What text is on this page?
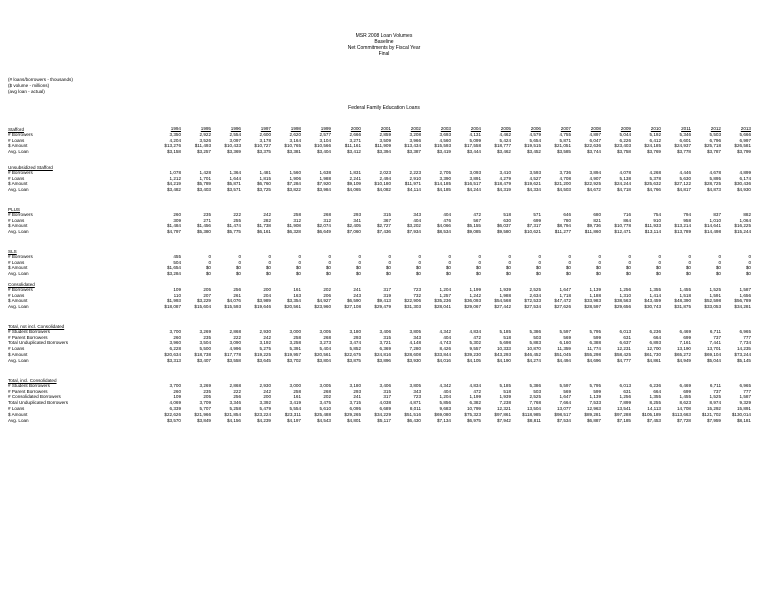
MSR 2008 Loan Volumes
Baseline
Net Commitments by Fiscal Year
Final
(# loans/borrowers - thousands)
($ volume - millions)
(avg loan - actual)
Federal Family Education Loans
Stafford	1994	1995	1996	1997	1998	1999	2000	2001	2002	2003	2004	2005	2006	2007	2008	2009	2010	2011	2012	2013
# Borrowers	3,350	2,922	2,554	2,600	2,620	2,577	2,666	2,859	3,208	3,693	4,131	4,462	4,579	4,755	4,897	5,044	5,192	5,346	5,503	5,666
# Loans	4,204	3,526	3,097	3,178	3,164	3,104	3,271	3,509	3,966	4,560	5,099	5,424	5,654	5,871	6,047	6,226	6,412	6,601	6,796	6,997
$ Amount	$13,276	$11,493	$10,433	$10,727	$10,765	$10,566	$11,161	$11,909	$13,434	$15,593	$17,558	$18,777	$19,515	$21,051	$22,636	$23,403	$24,185	$24,937	$25,718	$26,581
Avg. Loan	$3,158	$3,257	$3,369	$3,375	$3,381	$3,404	$3,412	$3,394	$3,387	$3,419	$3,444	$3,462	$3,452	$3,585	$3,744	$3,758	$3,769	$3,778	$3,787	$3,799
Unsubsidized Stafford
# Borrowers	1,078	1,428	1,364	1,481	1,560	1,638	1,831	2,023	2,223	2,705	3,093	3,410	3,593	3,736	3,894	4,078	4,268	4,446	4,678	4,899
# Loans	1,212	1,701	1,644	1,815	1,906	1,988	2,241	2,494	2,910	3,390	3,891	4,279	4,527	4,708	4,907	5,138	5,378	5,630	5,895	6,174
$ Amount	$4,219	$5,789	$5,871	$6,760	$7,284	$7,920	$9,109	$10,180	$11,971	$14,185	$16,517	$18,479	$19,621	$21,200	$22,925	$24,244	$25,632	$27,122	$28,725	$30,436
Avg. Loan	$3,482	$3,403	$3,571	$3,725	$3,822	$3,984	$4,065	$4,082	$4,114	$4,185	$4,244	$4,319	$4,334	$4,503	$4,672	$4,718	$4,766	$4,817	$4,873	$4,930
PLUS
# Borrowers	260	235	222	242	258	268	293	315	343	404	472	518	571	646	680	716	754	794	837	882
# Loans	309	271	255	282	312	312	341	367	404	476	567	630	699	780	821	864	910	958	1,010	1,064
$ Amount	$1,484	$1,456	$1,474	$1,738	$1,908	$2,074	$2,405	$2,727	$3,202	$4,066	$5,155	$6,037	$7,317	$8,794	$9,736	$10,778	$11,933	$13,214	$14,641	$16,225
Avg. Loan	$4,797	$5,380	$5,775	$6,161	$6,328	$6,649	$7,060	$7,436	$7,934	$8,534	$9,085	$9,580	$10,621	$11,277	$11,860	$12,471	$13,114	$13,789	$14,498	$15,244
SLS
# Borrowers	455	0	0	0	0	0	0	0	0	0	0	0	0	0	0	0	0	0	0	0
# Loans	504	0	0	0	0	0	0	0	0	0	0	0	0	0	0	0	0	0	0	0
$ Amount	$1,654	$0	$0	$0	$0	$0	$0	$0	$0	$0	$0	$0	$0	$0	$0	$0	$0	$0	$0	$0
Avg. Loan	$3,284	$0	$0	$0	$0	$0	$0	$0	$0	$0	$0	$0	$0	$0	$0	$0	$0	$0	$0	$0
Consolidated
# Borrowers	109	205	256	200	161	202	241	317	723	1,204	1,199	1,939	2,525	1,647	1,139	1,256	1,355	1,455	1,525	1,587
# Loans	110	207	261	204	163	206	243	319	732	1,257	1,242	1,988	2,634	1,718	1,188	1,310	1,414	1,518	1,591	1,656
$ Amount	$1,993	$3,229	$4,076	$3,989	$3,354	$4,927	$6,590	$9,413	$22,906	$35,236	$36,093	$54,568	$72,533	$47,472	$33,983	$38,563	$43,459	$48,390	$52,598	$56,789
Avg. Loan	$18,087	$15,604	$15,593	$19,646	$20,561	$23,960	$27,108	$29,479	$31,303	$28,041	$29,067	$27,442	$27,534	$27,626	$28,597	$29,656	$30,743	$31,875	$33,053	$34,281
Total, not incl. Consolidated
# Student Borrowers	3,700	3,269	2,868	2,930	3,000	3,005	3,180	3,406	3,805	4,342	4,834	5,185	5,386	5,597	5,795	6,013	6,236	6,469	6,711	6,965
# Parent Borrowers	260	235	222	242	258	268	293	315	343	404	472	518	503	569	599	631	664	699	737	777
Total Unduplicated Borrowers	3,960	3,504	3,090	3,192	3,258	3,273	3,474	3,721	4,148	4,743	5,302	5,698	5,883	6,160	6,388	6,637	6,893	7,161	7,441	7,734
# Loans	6,228	5,500	4,996	5,275	5,391	5,404	5,852	6,369	7,280	8,426	9,557	10,333	10,870	11,359	11,774	12,231	12,700	13,190	13,701	14,235
$ Amount	$20,634	$18,738	$17,778	$19,225	$19,957	$20,561	$22,675	$24,816	$28,608	$33,844	$39,230	$43,293	$46,452	$51,045	$55,298	$58,425	$61,730	$65,272	$69,104	$73,244
Avg. Loan	$3,313	$3,407	$3,558	$3,645	$3,702	$3,804	$3,875	$3,896	$3,930	$4,016	$4,105	$4,190	$4,274	$4,494	$4,696	$4,777	$4,861	$4,949	$5,044	$5,145
Total, incl. Consolidated
# Student Borrowers	3,700	3,269	2,868	2,930	3,000	3,005	3,180	3,406	3,805	4,342	4,834	5,185	5,386	5,597	5,795	6,013	6,236	6,469	6,711	6,965
# Parent Borrowers	260	235	222	242	258	268	293	315	343	404	472	518	503	569	599	631	664	699	737	777
# Consolidated Borrowers	109	205	256	200	161	202	241	317	723	1,204	1,199	1,939	2,525	1,647	1,139	1,256	1,355	1,455	1,525	1,587
Total Unduplicated Borrowers	4,069	3,709	3,346	3,392	3,419	3,475	3,715	4,038	4,871	5,856	6,382	7,238	7,768	7,664	7,533	7,899	8,255	8,623	8,974	9,329
# Loans	6,339	5,707	5,258	5,479	5,554	5,610	6,095	6,689	8,011	9,683	10,799	12,321	13,504	13,077	12,963	13,541	14,113	14,708	15,292	15,891
$ Amount	$22,626	$21,966	$21,854	$23,224	$23,311	$25,488	$29,265	$34,229	$51,516	$69,080	$75,323	$97,861	$118,985	$98,517	$89,281	$97,288	$105,189	$113,663	$121,702	$130,014
Avg. Loan	$3,570	$3,849	$4,156	$4,239	$4,197	$4,543	$4,801	$5,117	$6,430	$7,134	$6,975	$7,942	$8,811	$7,534	$6,887	$7,185	$7,453	$7,728	$7,959	$8,181
